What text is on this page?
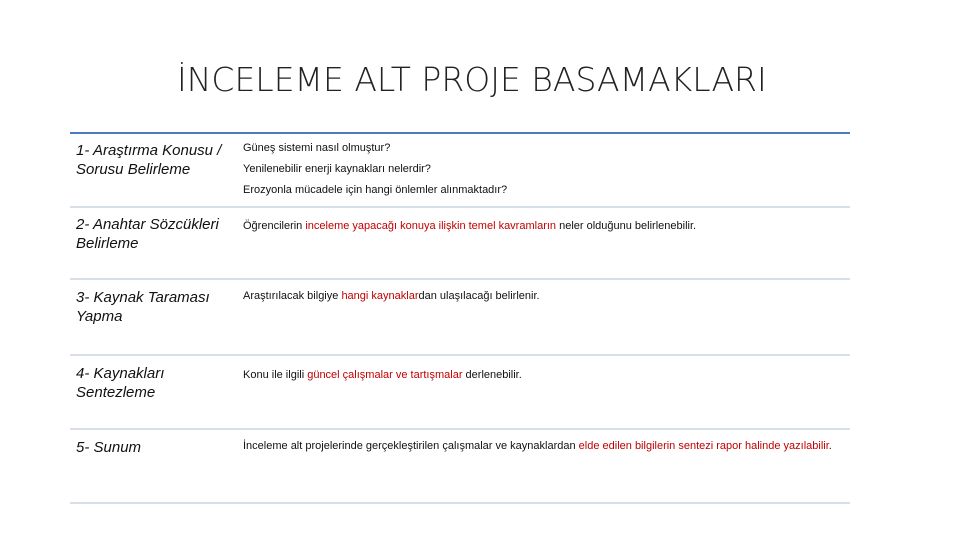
İNCELEME ALT PROJE BASAMAKLARI
1- Araştırma Konusu / Sorusu Belirleme
Güneş sistemi nasıl olmuştur?
Yenilenebilir enerji kaynakları nelerdir?
Erozyonla mücadele için hangi önlemler alınmaktadır?
2- Anahtar Sözcükleri Belirleme
Öğrencilerin inceleme yapacağı konuya ilişkin temel kavramların neler olduğunu belirlenebilir.
3- Kaynak Taraması Yapma
Araştırılacak bilgiye hangi kaynaklardan ulaşılacağı belirlenir.
4- Kaynakları Sentezleme
Konu ile ilgili güncel çalışmalar ve tartışmalar derlenebilir.
5- Sunum	İnceleme alt projelerinde gerçekleştirilen çalışmalar ve kaynaklardan elde edilen bilgilerin sentezi rapor halinde yazılabilir.
